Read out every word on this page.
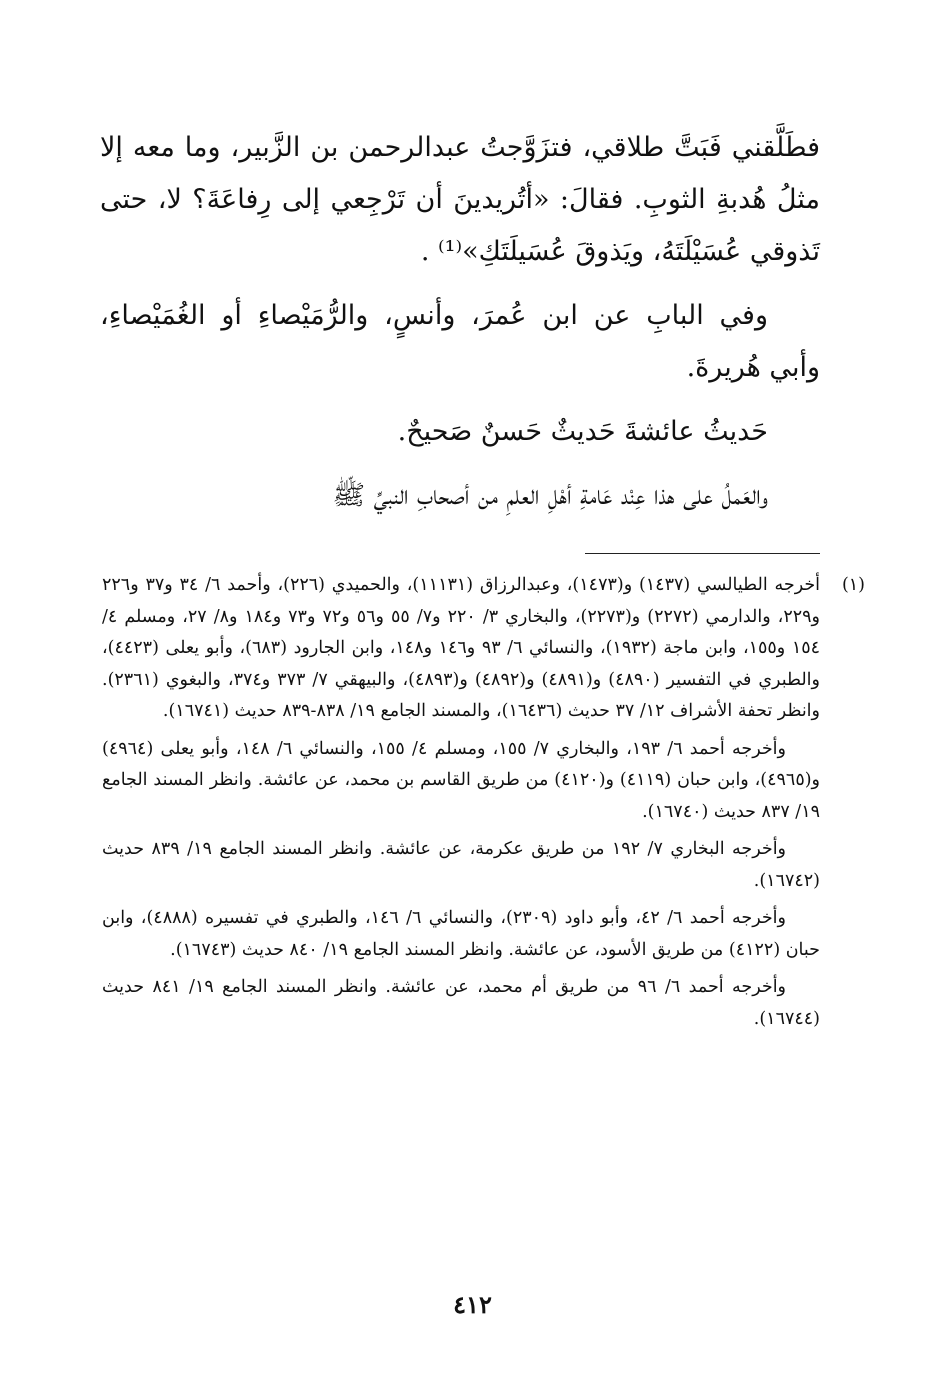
فطَلَّقني فَبَتَّ طلاقي، فتزَوَّجتُ عبدالرحمن بن الزَّبير، وما معه إلا مثلُ هُدبةِ الثوبِ. فقالَ: «أتُريدينَ أن تَرْجِعي إلى رِفاعَةَ؟ لا، حتى تَذوقي عُسَيْلَتَهُ، ويَذوقَ عُسَيلَتَكِ»⁽¹⁾ .

وفي البابِ عن ابن عُمرَ، وأنسٍ، والرُّمَيْصاءِ أو الغُمَيْصاءِ، وأبي هُريرةَ.

حَديثُ عائشةَ حَديثٌ حَسنٌ صَحيحٌ.

والعَملُ على هذا عِنْد عَامةِ أهْلِ العلمِ من أصحابِ النبيِّ ﷺ

(١)

أخرجه الطيالسي (١٤٣٧) و(١٤٧٣)، وعبدالرزاق (١١١٣١)، والحميدي (٢٢٦)، وأحمد ٦/ ٣٤ و٣٧ و٢٢٦ و٢٢٩، والدارمي (٢٢٧٢) و(٢٢٧٣)، والبخاري ٣/ ٢٢٠ و٧/ ٥٥ و٥٦ و٧٢ و٧٣ و١٨٤ و٨/ ٢٧، ومسلم ٤/ ١٥٤ و١٥٥، وابن ماجة (١٩٣٢)، والنسائي ٦/ ٩٣ و١٤٦ و١٤٨، وابن الجارود (٦٨٣)، وأبو يعلى (٤٤٢٣)، والطبري في التفسير (٤٨٩٠) و(٤٨٩١) و(٤٨٩٢) و(٤٨٩٣)، والبيهقي ٧/ ٣٧٣ و٣٧٤، والبغوي (٢٣٦١). وانظر تحفة الأشراف ١٢/ ٣٧ حديث (١٦٤٣٦)، والمسند الجامع ١٩/ ٨٣٨-٨٣٩ حديث (١٦٧٤١).

وأخرجه أحمد ٦/ ١٩٣، والبخاري ٧/ ١٥٥، ومسلم ٤/ ١٥٥، والنسائي ٦/ ١٤٨، وأبو يعلى (٤٩٦٤) و(٤٩٦٥)، وابن حبان (٤١١٩) و(٤١٢٠) من طريق القاسم بن محمد، عن عائشة. وانظر المسند الجامع ١٩/ ٨٣٧ حديث (١٦٧٤٠).

وأخرجه البخاري ٧/ ١٩٢ من طريق عكرمة، عن عائشة. وانظر المسند الجامع ١٩/ ٨٣٩ حديث (١٦٧٤٢).

وأخرجه أحمد ٦/ ٤٢، وأبو داود (٢٣٠٩)، والنسائي ٦/ ١٤٦، والطبري في تفسيره (٤٨٨٨)، وابن حبان (٤١٢٢) من طريق الأسود، عن عائشة. وانظر المسند الجامع ١٩/ ٨٤٠ حديث (١٦٧٤٣).

وأخرجه أحمد ٦/ ٩٦ من طريق أم محمد، عن عائشة. وانظر المسند الجامع ١٩/ ٨٤١ حديث (١٦٧٤٤).

٤١٢
